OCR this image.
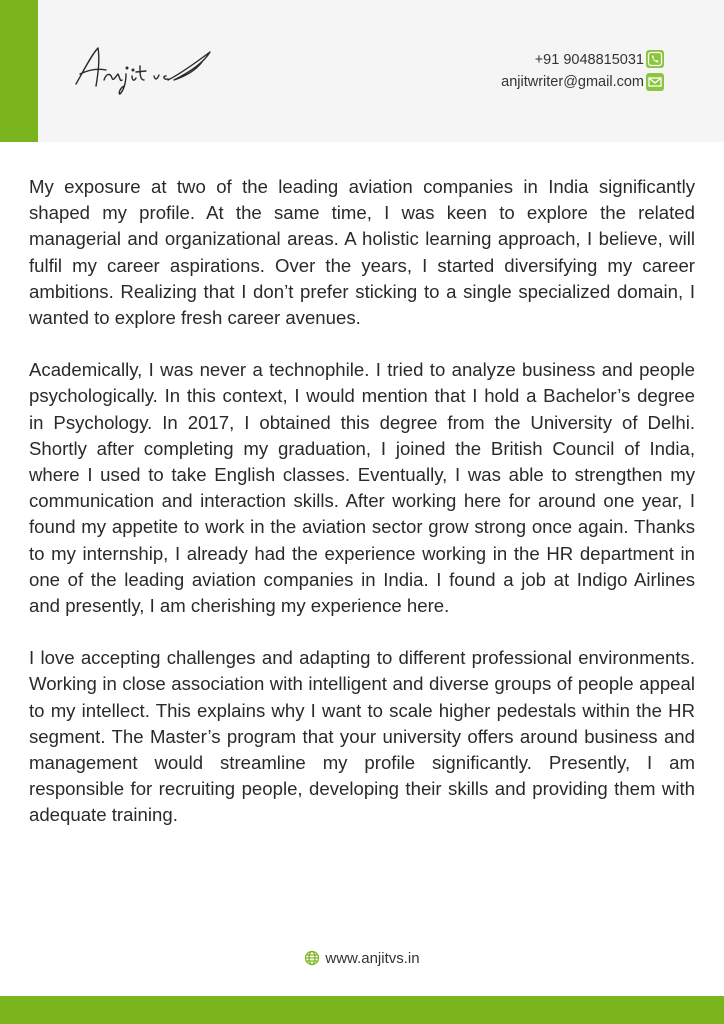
+91 9048815031
anjitwriter@gmail.com

My exposure at two of the leading aviation companies in India significantly shaped my profile. At the same time, I was keen to explore the related managerial and organizational areas. A holistic learning approach, I believe, will fulfil my career aspirations. Over the years, I started diversifying my career ambitions. Realizing that I don’t prefer sticking to a single specialized domain, I wanted to explore fresh career avenues.

Academically, I was never a technophile. I tried to analyze business and people psychologically. In this context, I would mention that I hold a Bachelor’s degree in Psychology. In 2017, I obtained this degree from the University of Delhi. Shortly after completing my graduation, I joined the British Council of India, where I used to take English classes. Eventually, I was able to strengthen my communication and interaction skills. After working here for around one year, I found my appetite to work in the aviation sector grow strong once again. Thanks to my internship, I already had the experience working in the HR department in one of the leading aviation companies in India. I found a job at Indigo Airlines and presently, I am cherishing my experience here.

I love accepting challenges and adapting to different professional environments. Working in close association with intelligent and diverse groups of people appeal to my intellect. This explains why I want to scale higher pedestals within the HR segment. The Master’s program that your university offers around business and management would streamline my profile significantly. Presently, I am responsible for recruiting people, developing their skills and providing them with adequate training.

www.anjitvs.in
